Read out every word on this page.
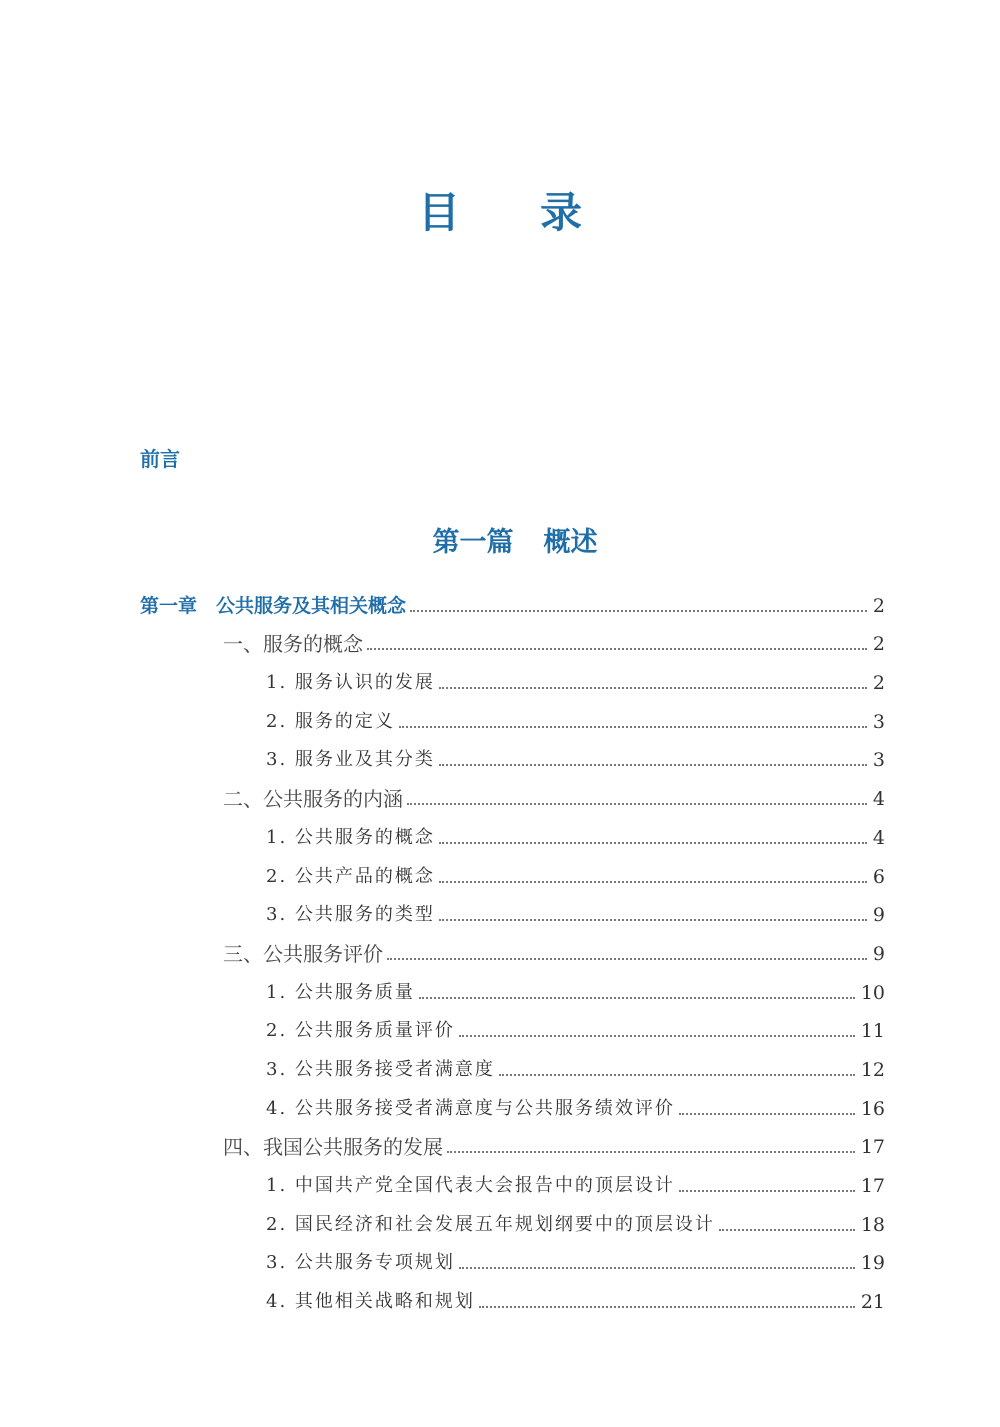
目录
前言
第一篇 概述
第一章　公共服务及其相关概念	2
一、服务的概念	2
1. 服务认识的发展	2
2. 服务的定义	3
3. 服务业及其分类	3
二、公共服务的内涵	4
1. 公共服务的概念	4
2. 公共产品的概念	6
3. 公共服务的类型	9
三、公共服务评价	9
1. 公共服务质量	10
2. 公共服务质量评价	11
3. 公共服务接受者满意度	12
4. 公共服务接受者满意度与公共服务绩效评价	16
四、我国公共服务的发展	17
1. 中国共产党全国代表大会报告中的顶层设计	17
2. 国民经济和社会发展五年规划纲要中的顶层设计	18
3. 公共服务专项规划	19
4. 其他相关战略和规划	21
